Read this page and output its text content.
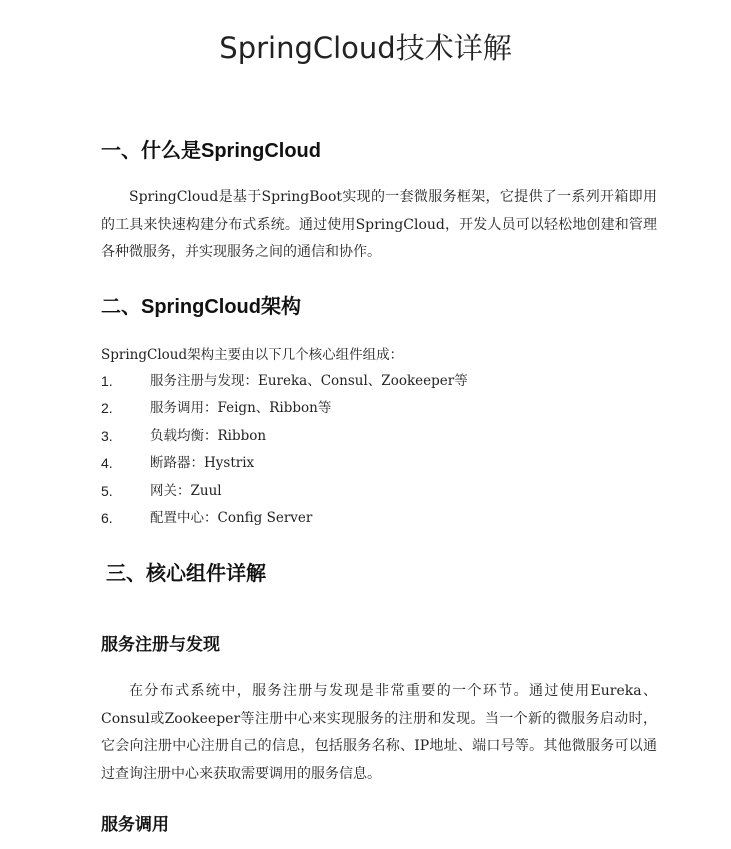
SpringCloud技术详解
一、什么是SpringCloud

SpringCloud是基于SpringBoot实现的一套微服务框架，它提供了一系列开箱即用的工具来快速构建分布式系统。通过使用SpringCloud，开发人员可以轻松地创建和管理各种微服务，并实现服务之间的通信和协作。

二、SpringCloud架构

SpringCloud架构主要由以下几个核心组件组成：

1.	服务注册与发现：Eureka、Consul、Zookeeper等
2.	服务调用：Feign、Ribbon等
3.	负载均衡：Ribbon
4.	断路器：Hystrix
5.	网关：Zuul
6.	配置中心：Config Server
三、核心组件详解
服务注册与发现

在分布式系统中，服务注册与发现是非常重要的一个环节。通过使用Eureka、Consul或Zookeeper等注册中心来实现服务的注册和发现。当一个新的微服务启动时，它会向注册中心注册自己的信息，包括服务名称、IP地址、端口号等。其他微服务可以通过查询注册中心来获取需要调用的服务信息。

服务调用
